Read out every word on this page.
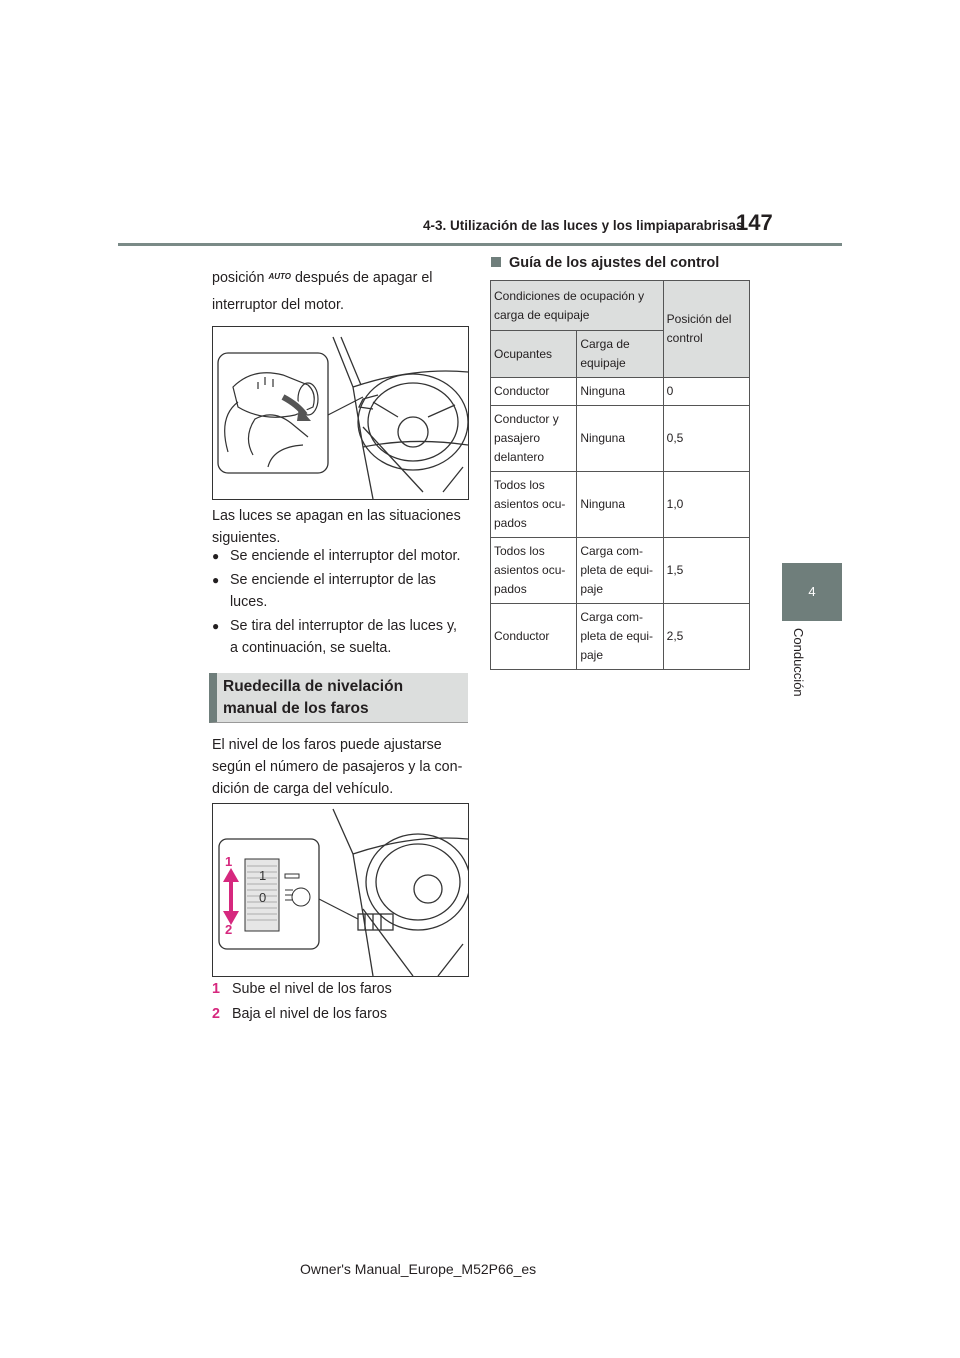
147
4-3. Utilización de las luces y los limpiaparabrisas
4
Conducción
posición $^{AUTO}$ después de apagar el
interruptor del motor.
Las luces se apagan en las situaciones
siguientes.
● Se enciende el interruptor del motor.
● Se enciende el interruptor de las
luces.
● Se tira del interruptor de las luces y,
a continuación, se suelta.
Ruedecilla de nivelación
manual de los faros
El nivel de los faros puede ajustarse
según el número de pasajeros y la con-
dición de carga del vehículo.
1
0
1
2
1 Sube el nivel de los faros
2 Baja el nivel de los faros
Guía de los ajustes del control
Condiciones de ocupación y
carga de equipaje		Posición del
control
Ocupantes	Carga de
equipaje	
Conductor	Ninguna	0
Conductor y
pasajero
delantero	Ninguna	0,5
Todos los
asientos ocu-
pados	Ninguna	1,0
Todos los
asientos ocu-
pados	Carga com-
pleta de equi-
paje	1,5
Conductor	Carga com-
pleta de equi-
paje	2,5
Owner's Manual_Europe_M52P66_es
